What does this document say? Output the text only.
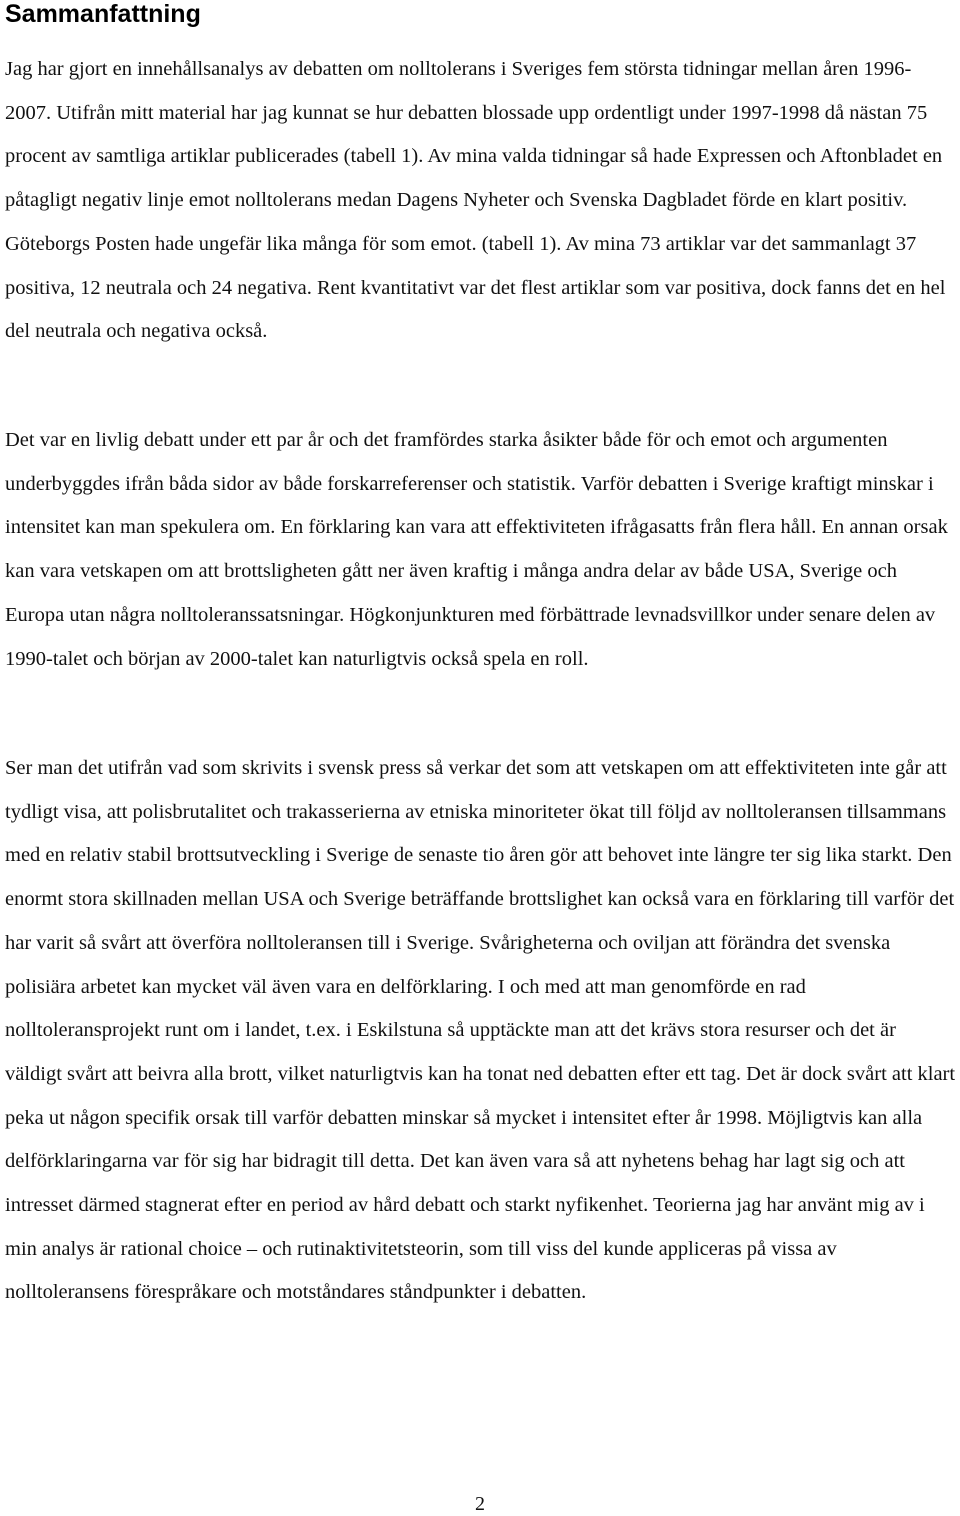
Sammanfattning

Jag har gjort en innehållsanalys av debatten om nolltolerans i Sveriges fem största tidningar mellan åren 1996-2007. Utifrån mitt material har jag kunnat se hur debatten blossade upp ordentligt under 1997-1998 då nästan 75 procent av samtliga artiklar publicerades (tabell 1). Av mina valda tidningar så hade Expressen och Aftonbladet en påtagligt negativ linje emot nolltolerans medan Dagens Nyheter och Svenska Dagbladet förde en klart positiv. Göteborgs Posten hade ungefär lika många för som emot. (tabell 1). Av mina 73 artiklar var det sammanlagt 37 positiva, 12 neutrala och 24 negativa. Rent kvantitativt var det flest artiklar som var positiva, dock fanns det en hel del neutrala och negativa också.

Det var en livlig debatt under ett par år och det framfördes starka åsikter både för och emot och argumenten underbyggdes ifrån båda sidor av både forskarreferenser och statistik. Varför debatten i Sverige kraftigt minskar i intensitet kan man spekulera om. En förklaring kan vara att effektiviteten ifrågasatts från flera håll. En annan orsak kan vara vetskapen om att brottsligheten gått ner även kraftig i många andra delar av både USA, Sverige och Europa utan några nolltoleranssatsningar. Högkonjunkturen med förbättrade levnadsvillkor under senare delen av 1990-talet och början av 2000-talet kan naturligtvis också spela en roll.

Ser man det utifrån vad som skrivits i svensk press så verkar det som att vetskapen om att effektiviteten inte går att tydligt visa, att polisbrutalitet och trakasserierna av etniska minoriteter ökat till följd av nolltoleransen tillsammans med en relativ stabil brottsutveckling i Sverige de senaste tio åren gör att behovet inte längre ter sig lika starkt. Den enormt stora skillnaden mellan USA och Sverige beträffande brottslighet kan också vara en förklaring till varför det har varit så svårt att överföra nolltoleransen till i Sverige. Svårigheterna och oviljan att förändra det svenska polisiära arbetet kan mycket väl även vara en delförklaring. I och med att man genomförde en rad nolltoleransprojekt runt om i landet, t.ex. i Eskilstuna så upptäckte man att det krävs stora resurser och det är väldigt svårt att beivra alla brott, vilket naturligtvis kan ha tonat ned debatten efter ett tag. Det är dock svårt att klart peka ut någon specifik orsak till varför debatten minskar så mycket i intensitet efter år 1998. Möjligtvis kan alla delförklaringarna var för sig har bidragit till detta. Det kan även vara så att nyhetens behag har lagt sig och att intresset därmed stagnerat efter en period av hård debatt och starkt nyfikenhet. Teorierna jag har använt mig av i min analys är rational choice – och rutinaktivitetsteorin, som till viss del kunde appliceras på vissa av nolltoleransens förespråkare och motståndares ståndpunkter i debatten.

2
